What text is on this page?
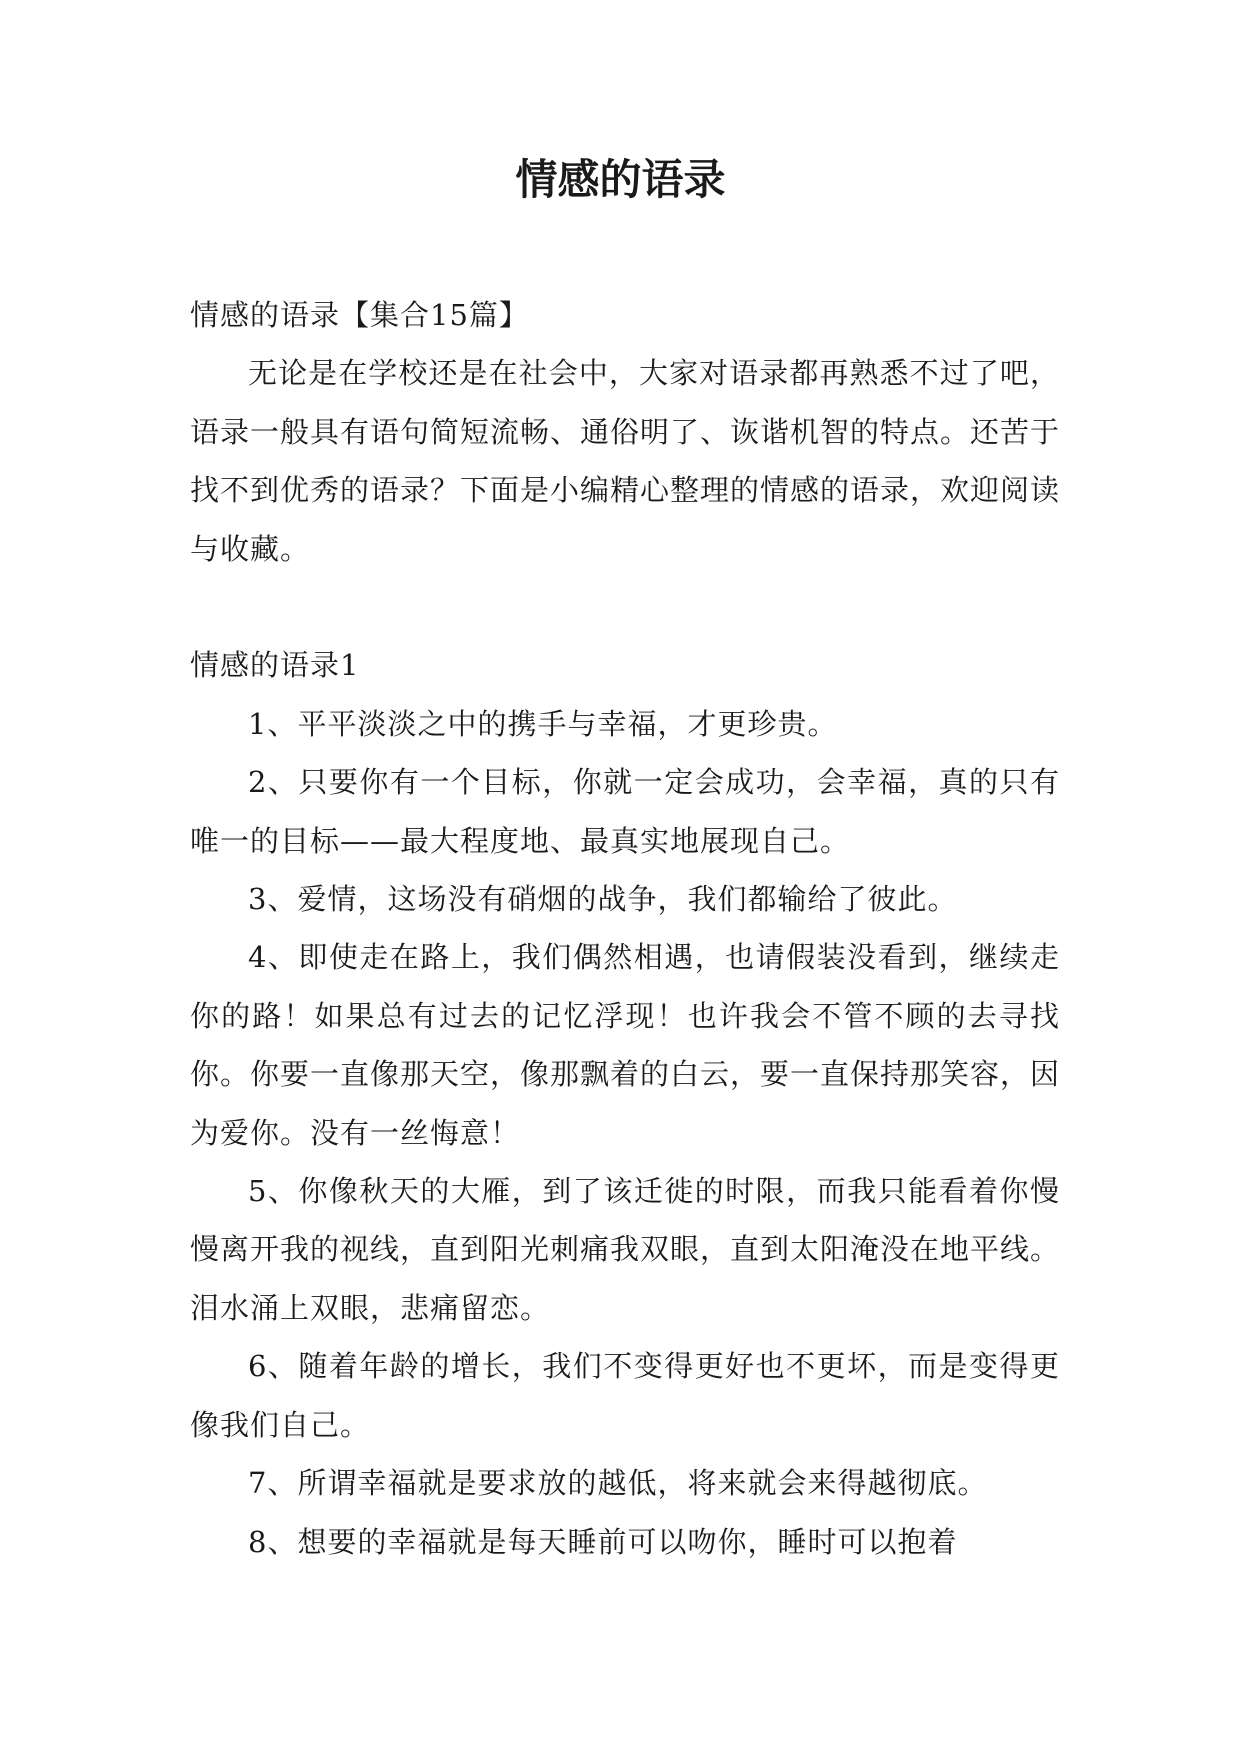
情感的语录

情感的语录【集合15篇】

无论是在学校还是在社会中，大家对语录都再熟悉不过了吧，语录一般具有语句简短流畅、通俗明了、诙谐机智的特点。还苦于找不到优秀的语录？下面是小编精心整理的情感的语录，欢迎阅读与收藏。

情感的语录1

1、平平淡淡之中的携手与幸福，才更珍贵。

2、只要你有一个目标，你就一定会成功，会幸福，真的只有唯一的目标——最大程度地、最真实地展现自己。

3、爱情，这场没有硝烟的战争，我们都输给了彼此。

4、即使走在路上，我们偶然相遇，也请假装没看到，继续走你的路！如果总有过去的记忆浮现！也许我会不管不顾的去寻找你。你要一直像那天空，像那飘着的白云，要一直保持那笑容，因为爱你。没有一丝悔意！

5、你像秋天的大雁，到了该迁徙的时限，而我只能看着你慢慢离开我的视线，直到阳光刺痛我双眼，直到太阳淹没在地平线。泪水涌上双眼，悲痛留恋。

6、随着年龄的增长，我们不变得更好也不更坏，而是变得更像我们自己。

7、所谓幸福就是要求放的越低，将来就会来得越彻底。

8、想要的幸福就是每天睡前可以吻你，睡时可以抱着
